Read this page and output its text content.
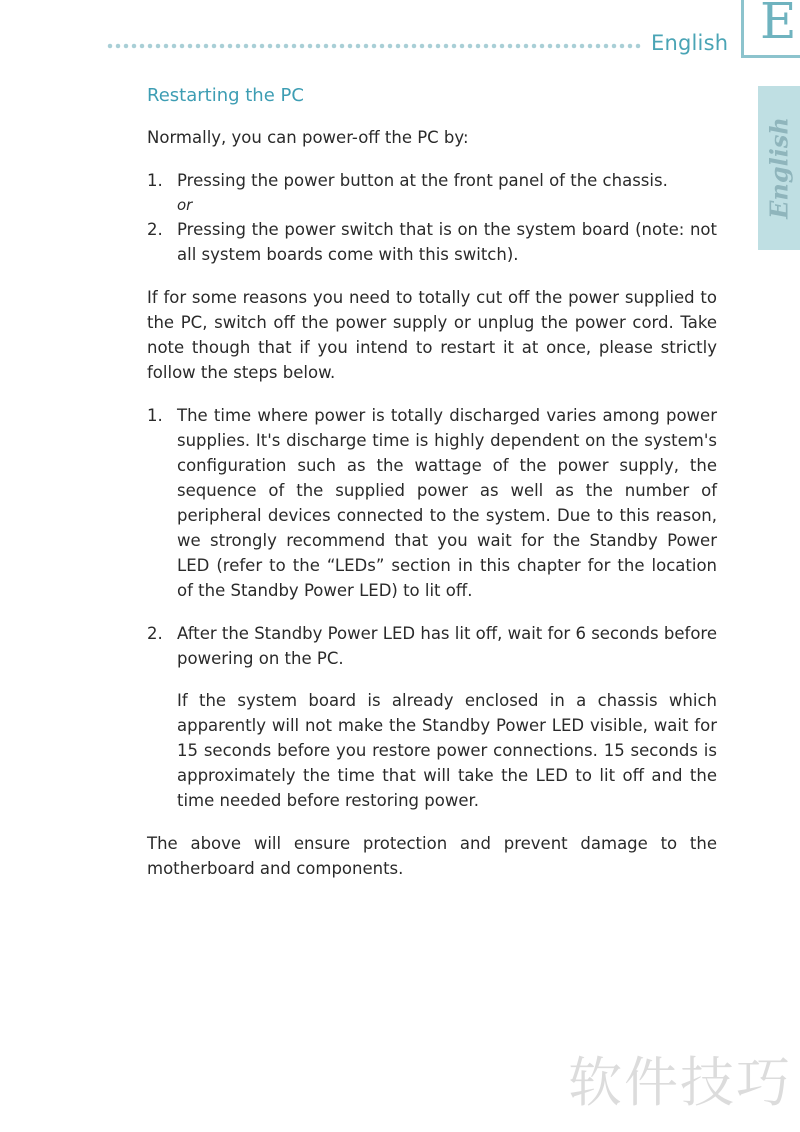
English E
English
Restarting the PC

Normally, you can power-off the PC by:

1. Pressing the power button at the front panel of the chassis.
or
2. Pressing the power switch that is on the system board (note: not all system boards come with this switch).

If for some reasons you need to totally cut off the power supplied to the PC, switch off the power supply or unplug the power cord. Take note though that if you intend to restart it at once, please strictly follow the steps below.

1. The time where power is totally discharged varies among power supplies. It's discharge time is highly dependent on the system's configuration such as the wattage of the power supply, the sequence of the supplied power as well as the number of peripheral devices connected to the system. Due to this reason, we strongly recommend that you wait for the Standby Power LED (refer to the “LEDs” section in this chapter for the location of the Standby Power LED) to lit off.
2. After the Standby Power LED has lit off, wait for 6 seconds before powering on the PC.

If the system board is already enclosed in a chassis which apparently will not make the Standby Power LED visible, wait for 15 seconds before you restore power connections. 15 seconds is approximately the time that will take the LED to lit off and the time needed before restoring power.

The above will ensure protection and prevent damage to the motherboard and components.

软件技巧
